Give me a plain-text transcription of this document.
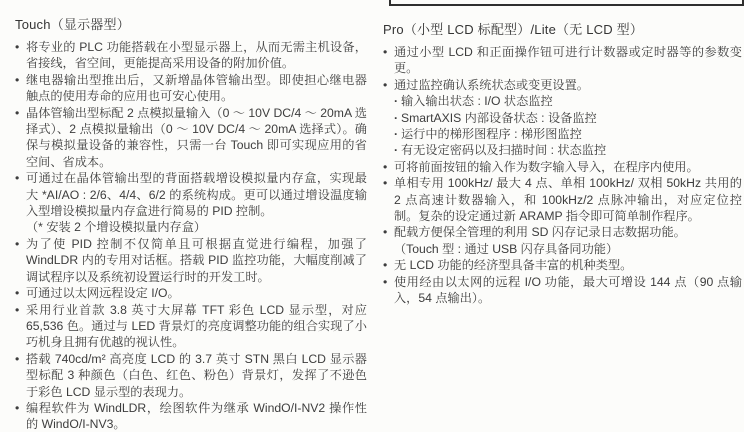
Touch（显示器型）
• 将专业的 PLC 功能搭载在小型显示器上，从而无需主机设备，省接线，省空间，更能提高采用设备的附加价值。
• 继电器输出型推出后，又新增晶体管输出型。即使担心继电器触点的使用寿命的应用也可安心使用。
• 晶体管输出型标配 2 点模拟量输入（0 ～ 10V DC/4 ～ 20mA 选择式）、2 点模拟量输出（0 ～ 10V DC/4 ～ 20mA 选择式）。确保与模拟量设备的兼容性，只需一台 Touch 即可实现应用的省空间、省成本。
• 可通过在晶体管输出型的背面搭载增设模拟量内存盒，实现最大 *AI/AO : 2/6、4/4、6/2 的系统构成。更可以通过增设温度输入型增设模拟量内存盒进行简易的 PID 控制。
（* 安装 2 个增设模拟量内存盒）
• 为了使 PID 控制不仅简单且可根据直觉进行编程，加强了 WindLDR 内的专用对话框。搭载 PID 监控功能，大幅度削减了调试程序以及系统初设置运行时的开发工时。
• 可通过以太网远程设定 I/O。
• 采用行业首款 3.8 英寸大屏幕 TFT 彩色 LCD 显示型，对应 65,536 色。通过与 LED 背景灯的亮度调整功能的组合实现了小巧机身且拥有优越的视认性。
• 搭载 740cd/m² 高亮度 LCD 的 3.7 英寸 STN 黑白 LCD 显示器型标配 3 种颜色（白色、红色、粉色）背景灯，发挥了不逊色于彩色 LCD 显示型的表现力。
• 编程软件为 WindLDR，绘图软件为继承 WindO/I-NV2 操作性的 WindO/I-NV3。
Pro（小型 LCD 标配型）/Lite（无 LCD 型）
• 通过小型 LCD 和正面操作钮可进行计数器或定时器等的参数变更。
• 通过监控确认系统状态或变更设置。
· 输入输出状态 : I/O 状态监控
· SmartAXIS 内部设备状态 : 设备监控
· 运行中的梯形图程序 : 梯形图监控
· 有无设定密码以及扫描时间 : 状态监控
• 可将前面按钮的输入作为数字输入导入，在程序内使用。
• 单相专用 100kHz/ 最大 4 点、单相 100kHz/ 双相 50kHz 共用的 2 点高速计数器输入，和 100kHz/2 点脉冲输出，对应定位控制。复杂的设定通过新 ARAMP 指令即可简单制作程序。
• 配载方便保全管理的利用 SD 闪存记录日志数据功能。
（Touch 型 : 通过 USB 闪存具备同功能）
• 无 LCD 功能的经济型具备丰富的机种类型。
• 使用经由以太网的远程 I/O 功能，最大可增设 144 点（90 点输入，54 点输出）。
